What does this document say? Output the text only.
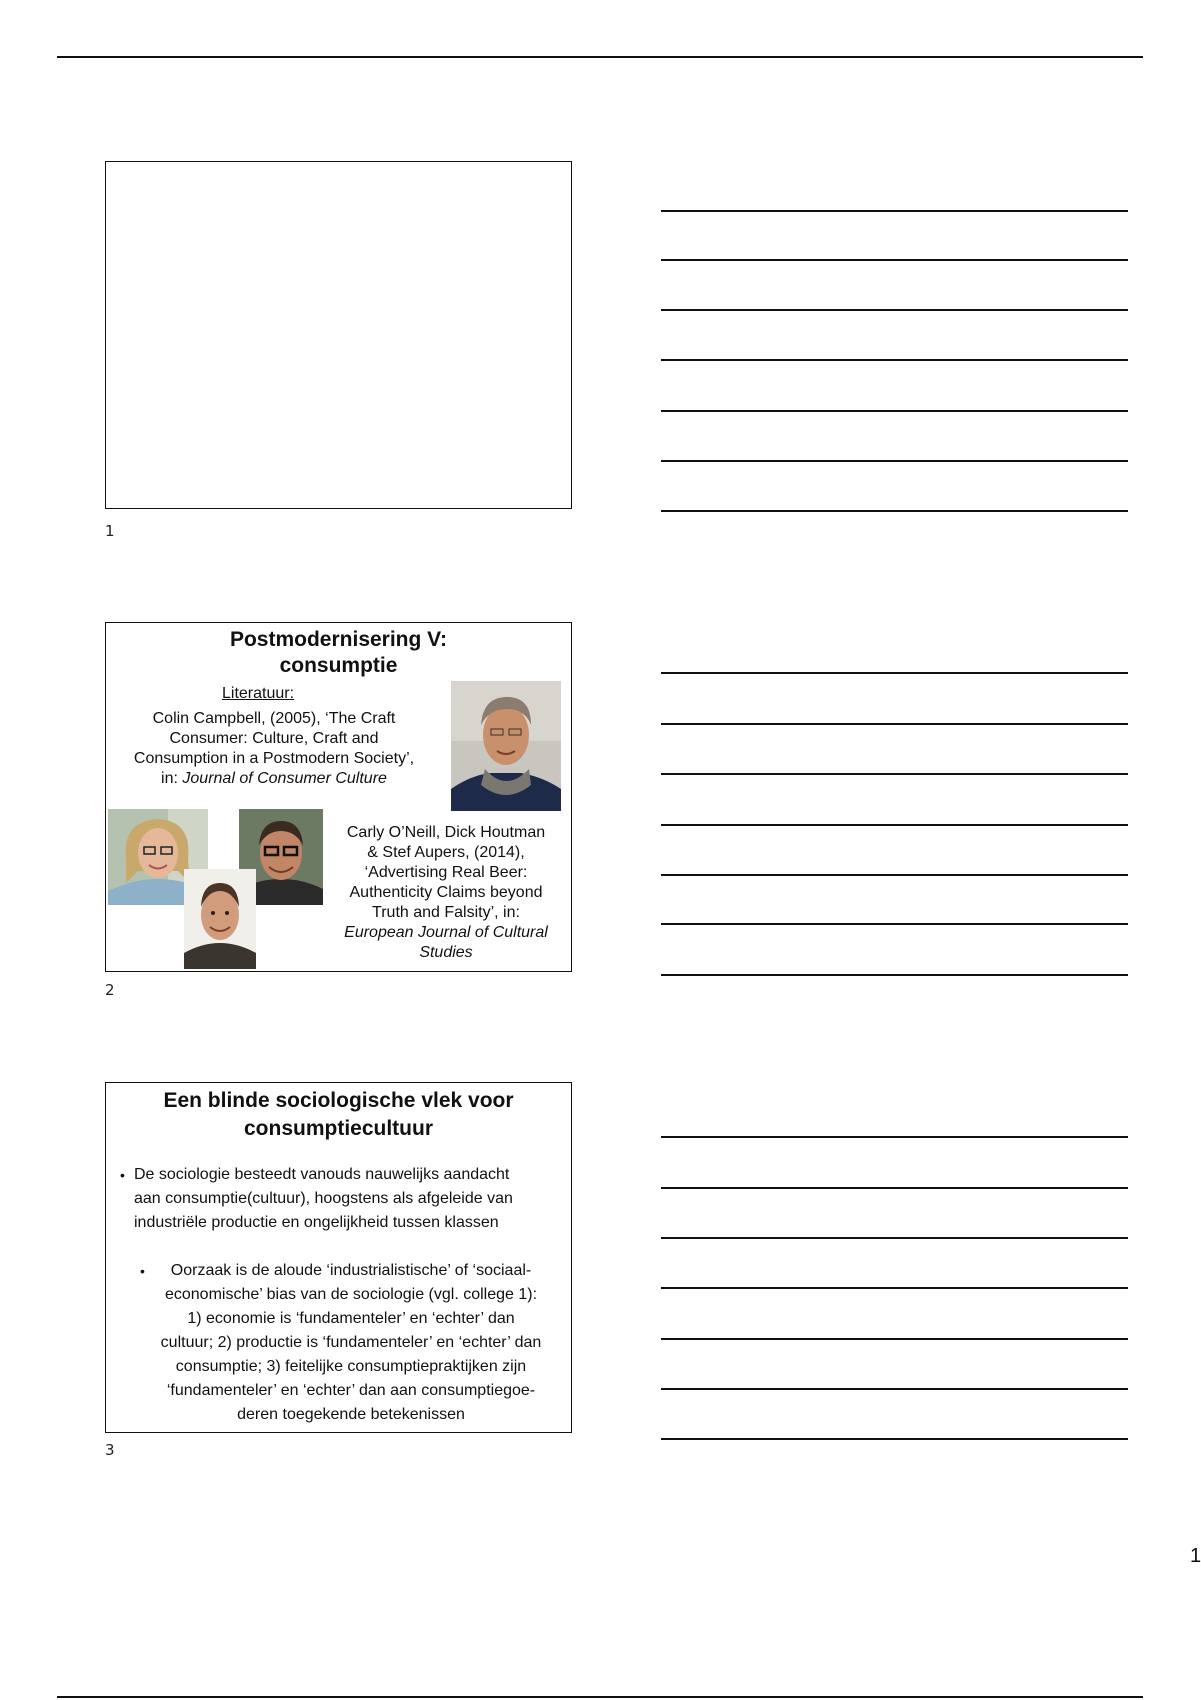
1
Postmodernisering V:
consumptie
Literatuur:
Colin Campbell, (2005), ‘The Craft
Consumer: Culture, Craft and
Consumption in a Postmodern Society’,
in: Journal of Consumer Culture
Carly O’Neill, Dick Houtman
& Stef Aupers, (2014),
‘Advertising Real Beer:
Authenticity Claims beyond
Truth and Falsity’, in:
European Journal of Cultural
Studies
2
Een blinde sociologische vlek voor
consumptiecultuur
• De sociologie besteedt vanouds nauwelijks aandacht
aan consumptie(cultuur), hoogstens als afgeleide van
industriële productie en ongelijkheid tussen klassen
•	Oorzaak is de aloude ‘industrialistische’ of ‘sociaal-
economische’ bias van de sociologie (vgl. college 1):
1) economie is ‘fundamenteler’ en ‘echter’ dan
cultuur; 2) productie is ‘fundamenteler’ en ‘echter’ dan
consumptie; 3) feitelijke consumptiepraktijken zijn
‘fundamenteler’ en ‘echter’ dan aan consumptiegoe-
deren toegekende betekenissen
3
1
